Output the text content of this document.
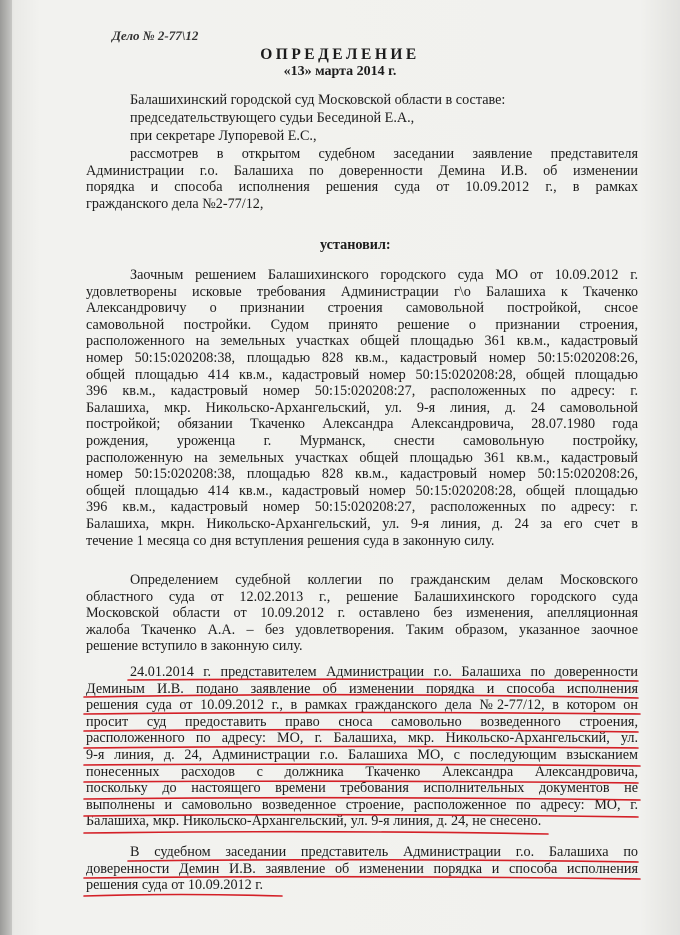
Дело № 2-77\12
ОПРЕДЕЛЕНИЕ
«13» марта 2014 г.
Балашихинский городской суд Московской области в составе:
председательствующего судьи Бесединой Е.А.,
при секретаре Лупоревой Е.С.,
рассмотрев в открытом судебном заседании заявление представителя
Администрации г.о. Балашиха по доверенности Демина И.В. об изменении
порядка и способа исполнения решения суда от 10.09.2012 г., в рамках
гражданского дела №2-77/12,
установил:
Заочным решением Балашихинского городского суда МО от 10.09.2012 г.
удовлетворены исковые требования Администрации г\о Балашиха к Ткаченко
Александровичу о признании строения самовольной постройкой, снсое
самовольной постройки. Судом принято решение о признании строения,
расположенного на земельных участках общей площадью 361 кв.м., кадастровый
номер 50:15:020208:38, площадью 828 кв.м., кадастровый номер 50:15:020208:26,
общей площадью 414 кв.м., кадастровый номер 50:15:020208:28, общей площадью
396 кв.м., кадастровый номер 50:15:020208:27, расположенных по адресу: г.
Балашиха, мкр. Никольско-Архангельский, ул. 9-я линия, д. 24 самовольной
постройкой; обязании Ткаченко Александра Александровича, 28.07.1980 года
рождения, уроженца г. Мурманск, снести самовольную постройку,
расположенную на земельных участках общей площадью 361 кв.м., кадастровый
номер 50:15:020208:38, площадью 828 кв.м., кадастровый номер 50:15:020208:26,
общей площадью 414 кв.м., кадастровый номер 50:15:020208:28, общей площадью
396 кв.м., кадастровый номер 50:15:020208:27, расположенных по адресу: г.
Балашиха, мкрн. Никольско-Архангельский, ул. 9-я линия, д. 24 за его счет в
течение 1 месяца со дня вступления решения суда в законную силу.
Определением судебной коллегии по гражданским делам Московского
областного суда от 12.02.2013 г., решение Балашихинского городского суда
Московской области от 10.09.2012 г. оставлено без изменения, апелляционная
жалоба Ткаченко А.А. – без удовлетворения. Таким образом, указанное заочное
решение вступило в законную силу.
24.01.2014 г. представителем Администрации г.о. Балашиха по доверенности
Деминым И.В. подано заявление об изменении порядка и способа исполнения
решения суда от 10.09.2012 г., в рамках гражданского дела №2-77/12, в котором он
просит суд предоставить право сноса самовольно возведенного строения,
расположенного по адресу: МО, г. Балашиха, мкр. Никольско-Архангельский, ул.
9-я линия, д. 24, Администрации г.о. Балашиха МО, с последующим взысканием
понесенных расходов с должника Ткаченко Александра Александровича,
поскольку до настоящего времени требования исполнительных документов не
выполнены и самовольно возведенное строение, расположенное по адресу: МО, г.
Балашиха, мкр. Никольско-Архангельский, ул. 9-я линия, д. 24, не снесено.
В судебном заседании представитель Администрации г.о. Балашиха по
доверенности Демин И.В. заявление об изменении порядка и способа исполнения
решения суда от 10.09.2012 г.
